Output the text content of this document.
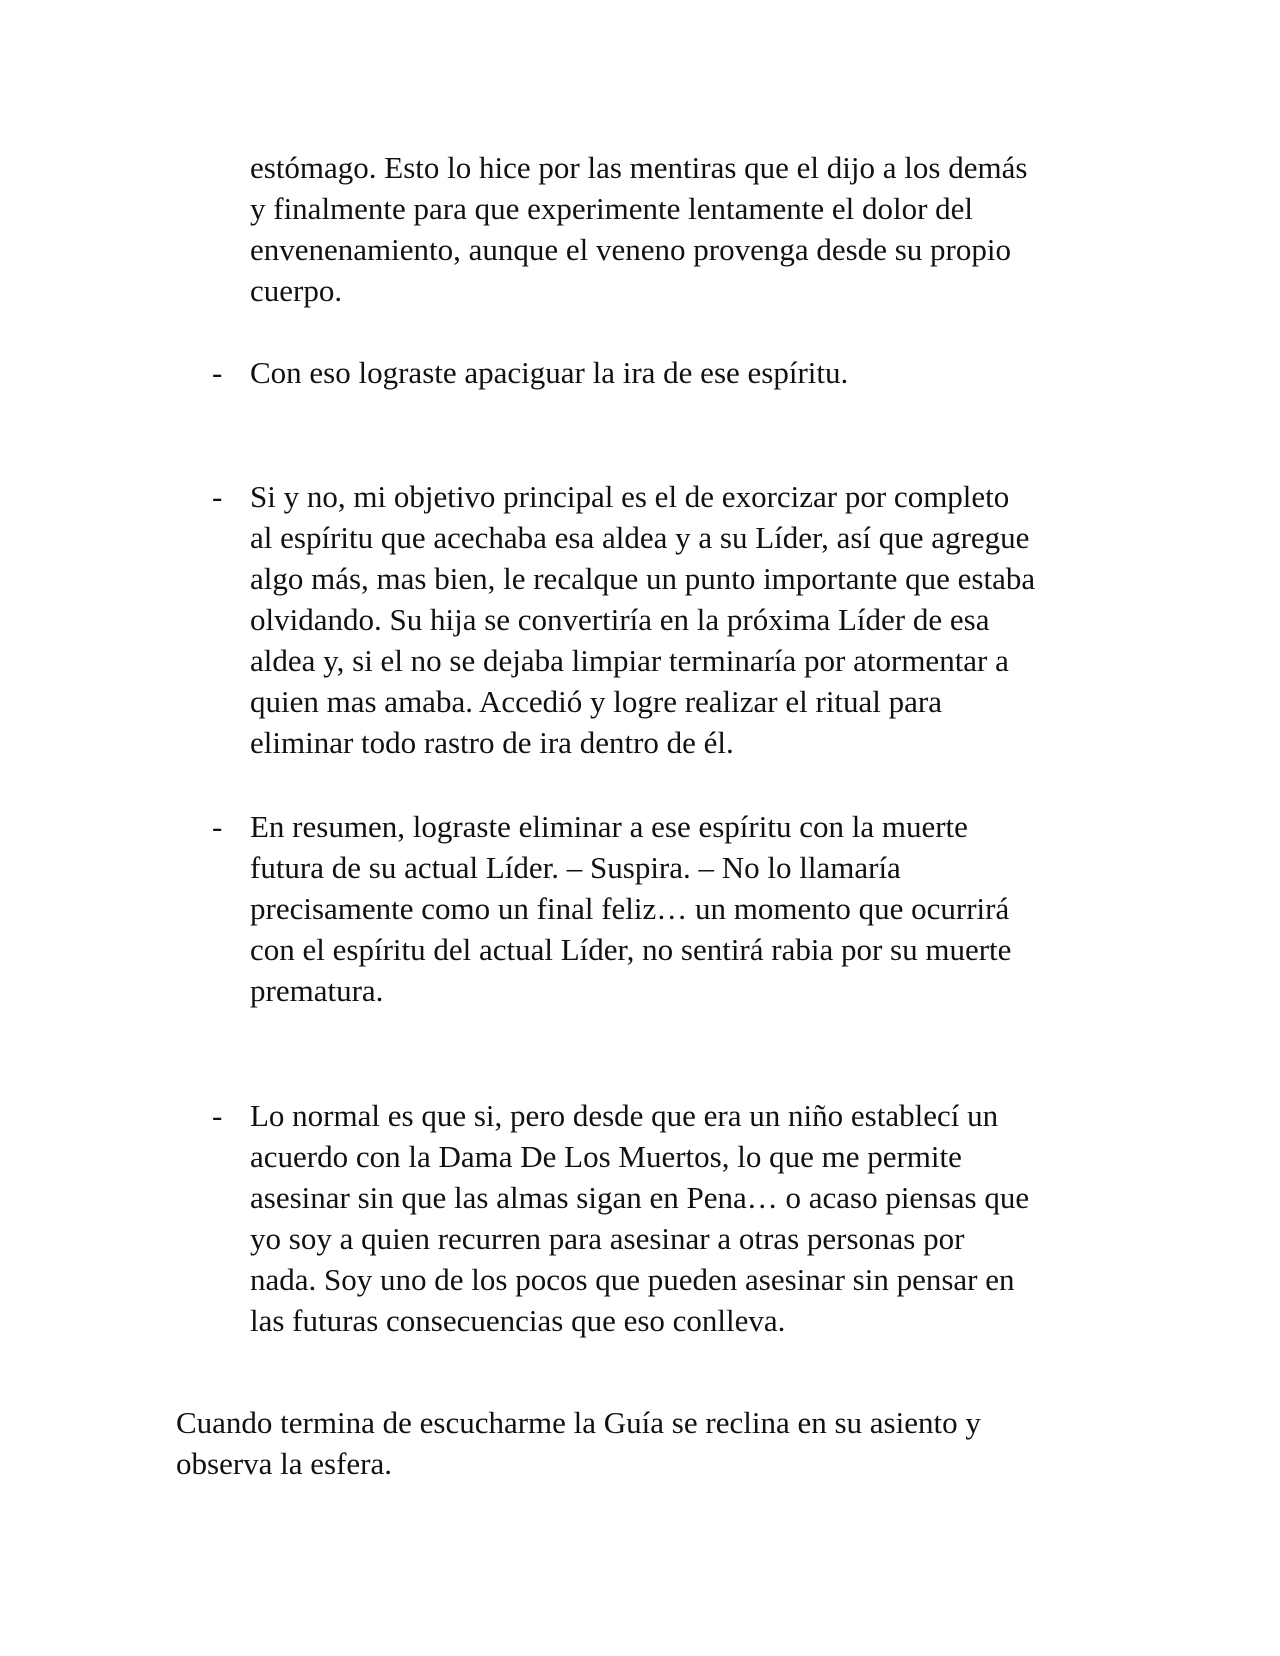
estómago. Esto lo hice por las mentiras que el dijo a los demás

y finalmente para que experimente lentamente el dolor del

envenenamiento, aunque el veneno provenga desde su propio

cuerpo.

- Con eso lograste apaciguar la ira de ese espíritu.

- Si y no, mi objetivo principal es el de exorcizar por completo

al espíritu que acechaba esa aldea y a su Líder, así que agregue

algo más, mas bien, le recalque un punto importante que estaba

olvidando. Su hija se convertiría en la próxima Líder de esa

aldea y, si el no se dejaba limpiar terminaría por atormentar a

quien mas amaba. Accedió y logre realizar el ritual para

eliminar todo rastro de ira dentro de él.

- En resumen, lograste eliminar a ese espíritu con la muerte

futura de su actual Líder. – Suspira. – No lo llamaría

precisamente como un final feliz… un momento que ocurrirá

con el espíritu del actual Líder, no sentirá rabia por su muerte

prematura.

- Lo normal es que si, pero desde que era un niño establecí un

acuerdo con la Dama De Los Muertos, lo que me permite

asesinar sin que las almas sigan en Pena… o acaso piensas que

yo soy a quien recurren para asesinar a otras personas por

nada. Soy uno de los pocos que pueden asesinar sin pensar en

las futuras consecuencias que eso conlleva.

Cuando termina de escucharme la Guía se reclina en su asiento y

observa la esfera.
